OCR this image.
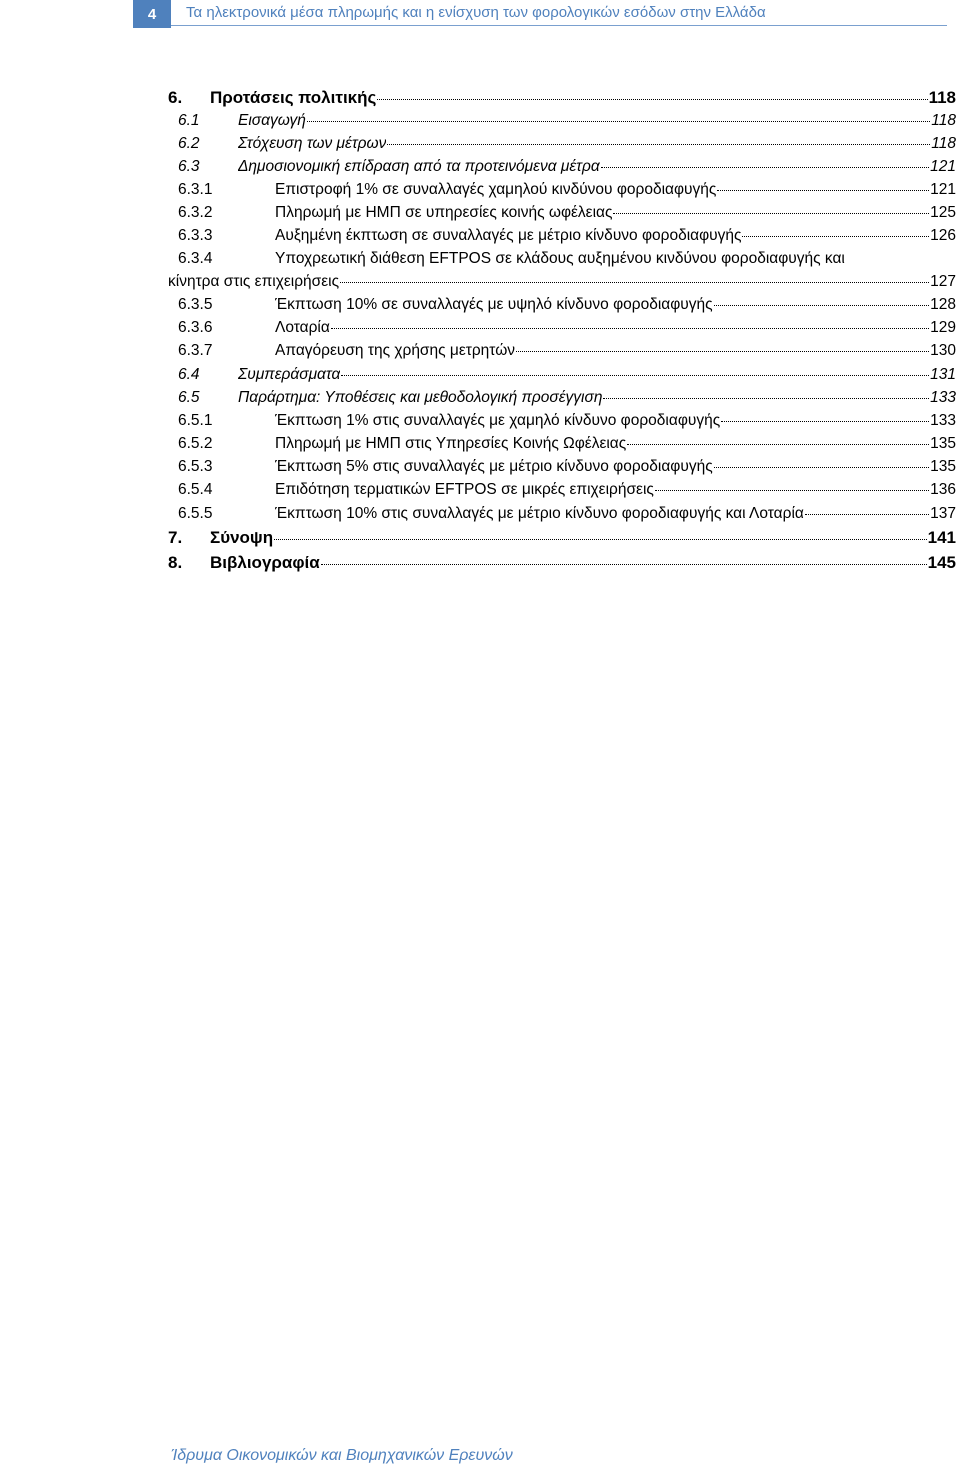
4	Τα ηλεκτρονικά μέσα πληρωμής και η ενίσχυση των φορολογικών εσόδων στην Ελλάδα
6.	Προτάσεις πολιτικής	118
6.1	Εισαγωγή	118
6.2	Στόχευση των μέτρων	118
6.3	Δημοσιονομική επίδραση από τα προτεινόμενα μέτρα	121
6.3.1	Επιστροφή 1% σε συναλλαγές χαμηλού κινδύνου φοροδιαφυγής	121
6.3.2	Πληρωμή με ΗΜΠ σε υπηρεσίες κοινής ωφέλειας	125
6.3.3	Αυξημένη έκπτωση σε συναλλαγές με μέτριο κίνδυνο φοροδιαφυγής	126
6.3.4	Υποχρεωτική διάθεση EFTPOS σε κλάδους αυξημένου κινδύνου φοροδιαφυγής και
κίνητρα στις επιχειρήσεις	127
6.3.5	Έκπτωση 10% σε συναλλαγές με υψηλό κίνδυνο φοροδιαφυγής	128
6.3.6	Λοταρία	129
6.3.7	Απαγόρευση της χρήσης μετρητών	130
6.4	Συμπεράσματα	131
6.5	Παράρτημα: Υποθέσεις και μεθοδολογική προσέγγιση	133
6.5.1	Έκπτωση 1% στις συναλλαγές με χαμηλό κίνδυνο φοροδιαφυγής	133
6.5.2	Πληρωμή με ΗΜΠ στις Υπηρεσίες Κοινής Ωφέλειας	135
6.5.3	Έκπτωση 5% στις συναλλαγές με μέτριο κίνδυνο φοροδιαφυγής	135
6.5.4	Επιδότηση τερματικών EFTPOS σε μικρές επιχειρήσεις	136
6.5.5	Έκπτωση 10% στις συναλλαγές με μέτριο κίνδυνο φοροδιαφυγής και Λοταρία	137
7.	Σύνοψη	141
8.	Βιβλιογραφία	145
Ίδρυμα Οικονομικών και Βιομηχανικών Ερευνών
